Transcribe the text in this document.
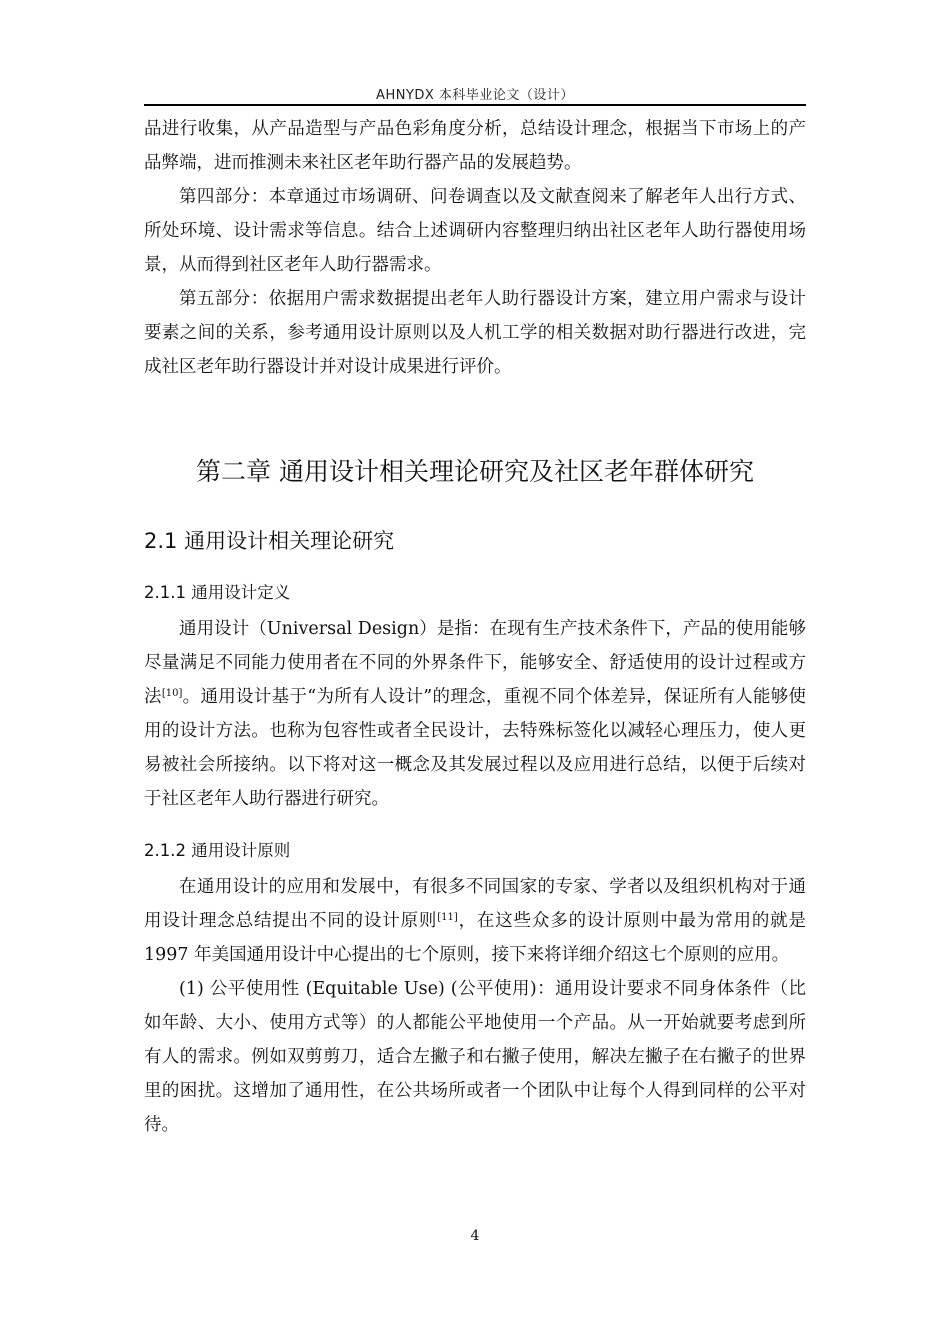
AHNYDX 本科毕业论文（设计）

品进行收集，从产品造型与产品色彩角度分析，总结设计理念，根据当下市场上的产品弊端，进而推测未来社区老年助行器产品的发展趋势。

第四部分：本章通过市场调研、问卷调查以及文献查阅来了解老年人出行方式、所处环境、设计需求等信息。结合上述调研内容整理归纳出社区老年人助行器使用场景，从而得到社区老年人助行器需求。

第五部分：依据用户需求数据提出老年人助行器设计方案，建立用户需求与设计要素之间的关系，参考通用设计原则以及人机工学的相关数据对助行器进行改进，完成社区老年助行器设计并对设计成果进行评价。

第二章 通用设计相关理论研究及社区老年群体研究
2.1 通用设计相关理论研究
2.1.1 通用设计定义

通用设计（Universal Design）是指：在现有生产技术条件下，产品的使用能够尽量满足不同能力使用者在不同的外界条件下，能够安全、舒适使用的设计过程或方法[10]。通用设计基于“为所有人设计”的理念，重视不同个体差异，保证所有人能够使用的设计方法。也称为包容性或者全民设计，去特殊标签化以减轻心理压力，使人更易被社会所接纳。以下将对这一概念及其发展过程以及应用进行总结，以便于后续对于社区老年人助行器进行研究。

2.1.2 通用设计原则

在通用设计的应用和发展中，有很多不同国家的专家、学者以及组织机构对于通用设计理念总结提出不同的设计原则[11]，在这些众多的设计原则中最为常用的就是 1997 年美国通用设计中心提出的七个原则，接下来将详细介绍这七个原则的应用。

(1) 公平使用性 (Equitable Use) (公平使用)：通用设计要求不同身体条件（比如年龄、大小、使用方式等）的人都能公平地使用一个产品。从一开始就要考虑到所有人的需求。例如双剪剪刀，适合左撇子和右撇子使用，解决左撇子在右撇子的世界里的困扰。这增加了通用性，在公共场所或者一个团队中让每个人得到同样的公平对待。

4
